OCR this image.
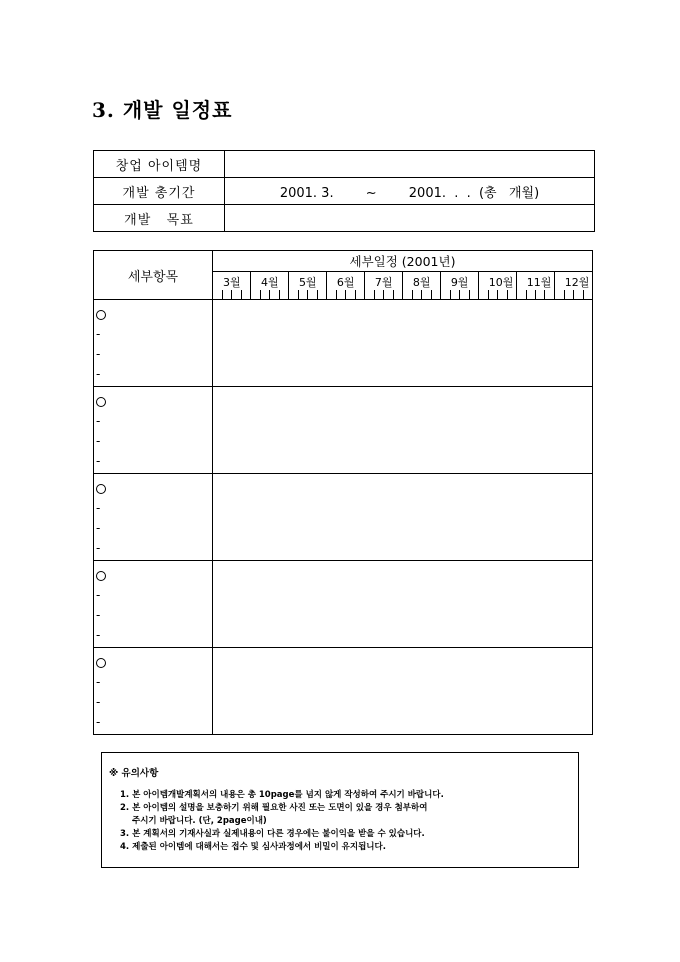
3. 개발 일정표
창업 아이템명	
개발 총기간	2001. 3. ~ 2001.  .  . (총   개월)
개발   목표	
세부항목	세부일정 (2001년)									

	3월	4월	5월	6월	7월	8월	9월	10월	11월	12월

-
-
-										

-
-
-										

-
-
-										

-
-
-										

-
-
-										

※ 유의사항
1. 본 아이템개발계획서의 내용은 총 10page를 넘지 않게 작성하여 주시기 바랍니다.
2. 본 아이템의 설명을 보충하기 위해 필요한 사진 또는 도면이 있을 경우 첨부하여
주시기 바랍니다. (단, 2page이내)
3. 본 계획서의 기재사실과 실제내용이 다른 경우에는 불이익을 받을 수 있습니다.
4. 제출된 아이템에 대해서는 접수 및 심사과정에서 비밀이 유지됩니다.
